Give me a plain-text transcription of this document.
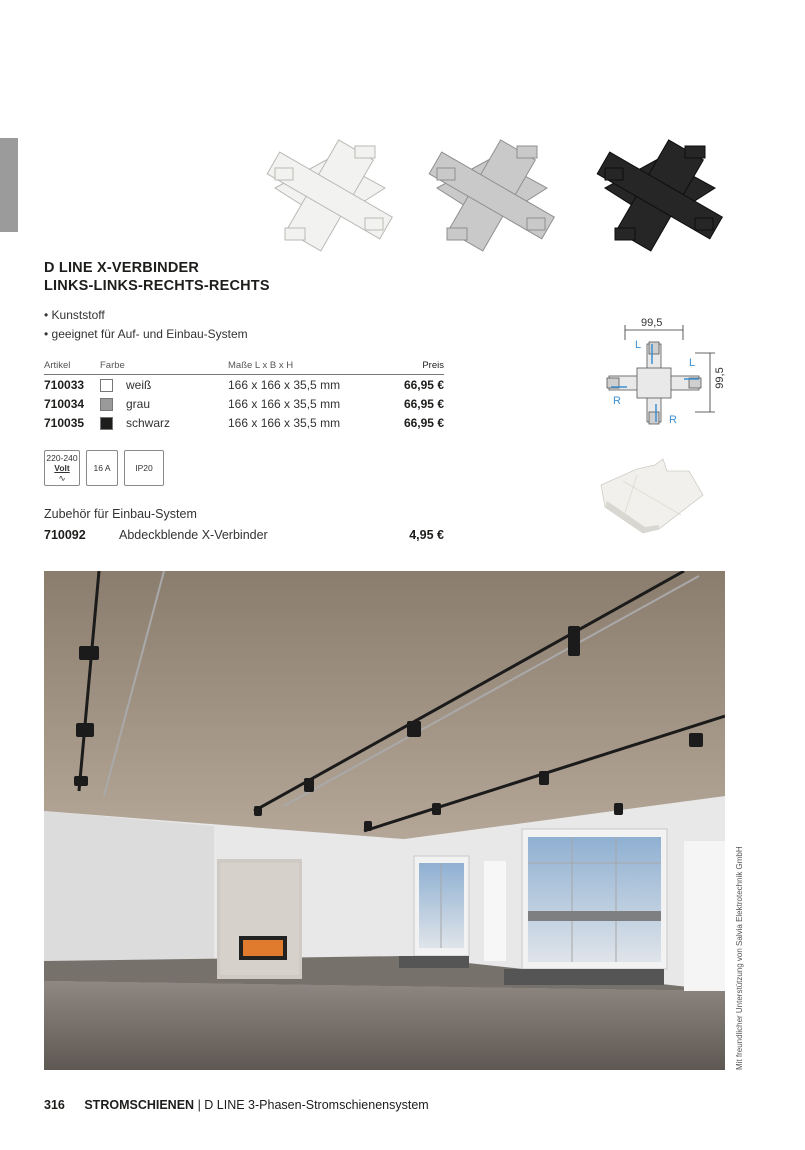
D LINE X-VERBINDER
LINKS-LINKS-RECHTS-RECHTS
• Kunststoff
• geeignet für Auf- und Einbau-System
Artikel	Farbe		Maße L x B x H	Preis
710033		weiß	166 x 166 x 35,5 mm	66,95 €
710034		grau	166 x 166 x 35,5 mm	66,95 €
710035		schwarz	166 x 166 x 35,5 mm	66,95 €
220-240
Volt
∿
16 A	IP20
Zubehör für Einbau-System
710092	Abdeckblende X-Verbinder	4,95 €
99,5
99,5
L
L
R
R
Mit freundlicher Unterstützung von Salvia Elektrotechnik GmbH
316 STROMSCHIENEN | D LINE 3-Phasen-Stromschienensystem
